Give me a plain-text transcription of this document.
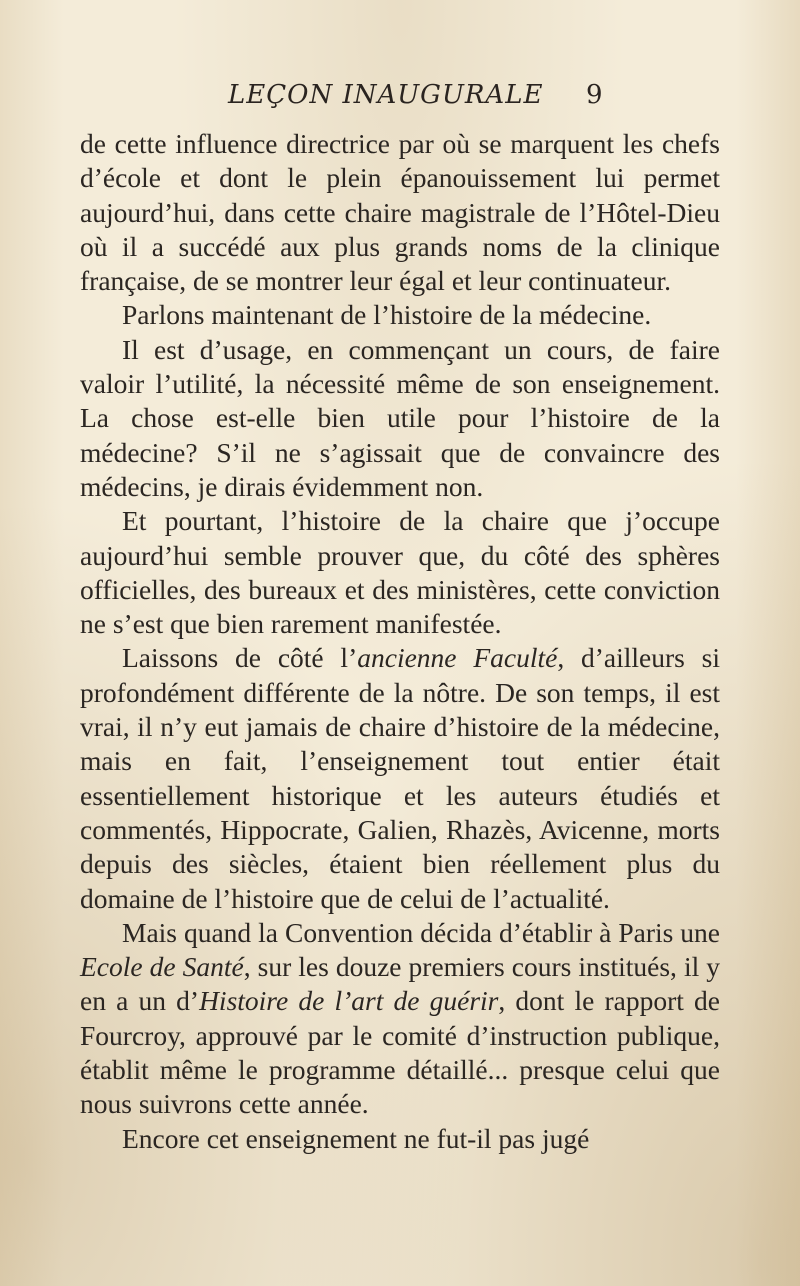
LEÇON INAUGURALE 9

de cette influence directrice par où se marquent les chefs d’école et dont le plein épanouissement lui permet aujourd’hui, dans cette chaire magistrale de l’Hôtel-Dieu où il a succédé aux plus grands noms de la clinique française, de se montrer leur égal et leur continuateur.

Parlons maintenant de l’histoire de la médecine.

Il est d’usage, en commençant un cours, de faire valoir l’utilité, la nécessité même de son enseignement. La chose est-elle bien utile pour l’histoire de la médecine? S’il ne s’agissait que de convaincre des médecins, je dirais évidemment non.

Et pourtant, l’histoire de la chaire que j’occupe aujourd’hui semble prouver que, du côté des sphères officielles, des bureaux et des ministères, cette conviction ne s’est que bien rarement manifestée.

Laissons de côté l’ancienne Faculté, d’ailleurs si profondément différente de la nôtre. De son temps, il est vrai, il n’y eut jamais de chaire d’histoire de la médecine, mais en fait, l’enseignement tout entier était essentiellement historique et les auteurs étudiés et commentés, Hippocrate, Galien, Rhazès, Avicenne, morts depuis des siècles, étaient bien réellement plus du domaine de l’histoire que de celui de l’actualité.

Mais quand la Convention décida d’établir à Paris une Ecole de Santé, sur les douze premiers cours institués, il y en a un d’Histoire de l’art de guérir, dont le rapport de Fourcroy, approuvé par le comité d’instruction publique, établit même le programme détaillé... presque celui que nous suivrons cette année.

Encore cet enseignement ne fut-il pas jugé
